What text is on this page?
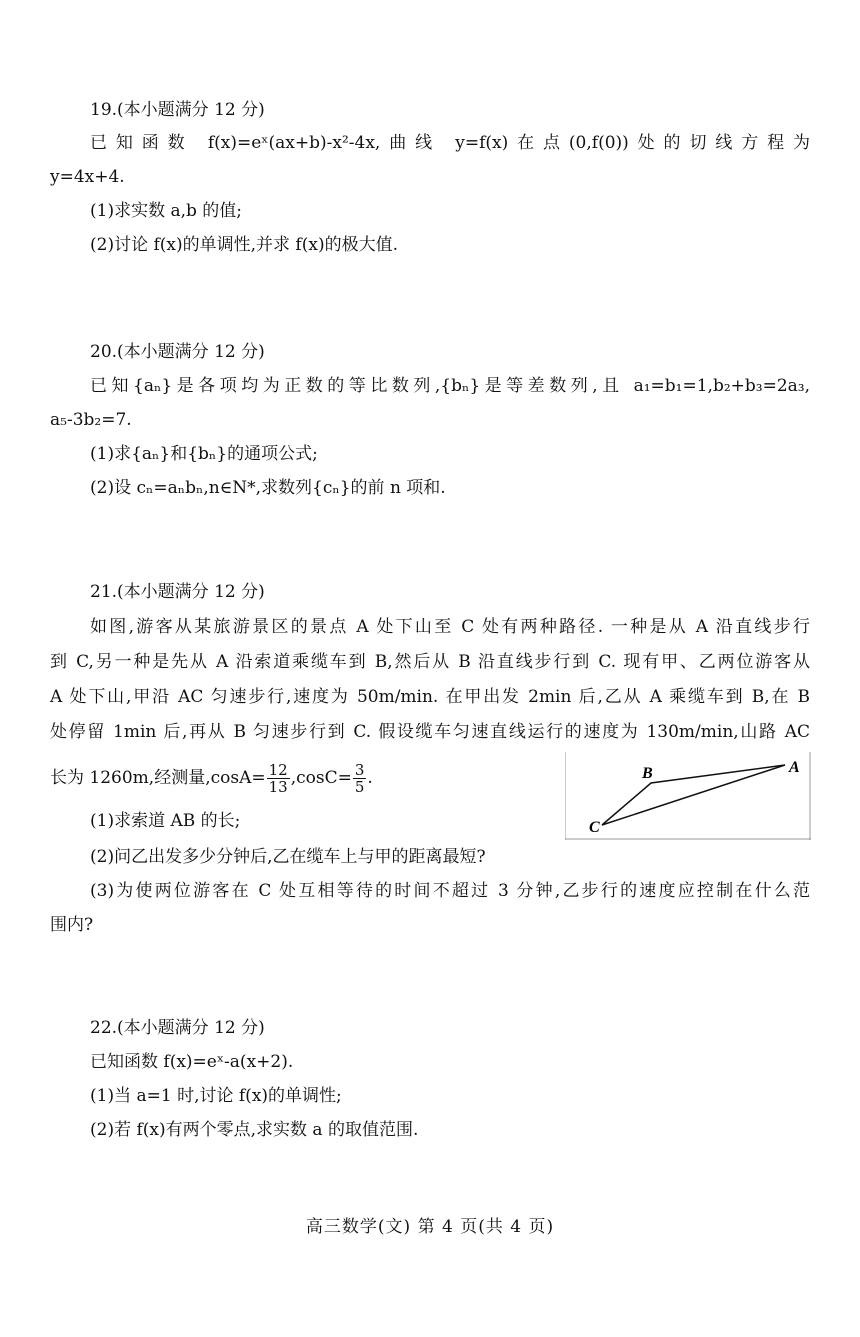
19.(本小题满分 12 分)
已知函数 f(x)=eˣ(ax+b)-x²-4x,曲线 y=f(x)在点(0,f(0))处的切线方程为
y=4x+4.
(1)求实数 a,b 的值;
(2)讨论 f(x)的单调性,并求 f(x)的极大值.
20.(本小题满分 12 分)
已知{aₙ}是各项均为正数的等比数列,{bₙ}是等差数列,且 a₁=b₁=1,b₂+b₃=2a₃,
a₅-3b₂=7.
(1)求{aₙ}和{bₙ}的通项公式;
(2)设 cₙ=aₙbₙ,n∈N*,求数列{cₙ}的前 n 项和.
21.(本小题满分 12 分)
如图,游客从某旅游景区的景点 A 处下山至 C 处有两种路径. 一种是从 A 沿直线步行
到 C,另一种是先从 A 沿索道乘缆车到 B,然后从 B 沿直线步行到 C. 现有甲、乙两位游客从
A 处下山,甲沿 AC 匀速步行,速度为 50m/min. 在甲出发 2min 后,乙从 A 乘缆车到 B,在 B
处停留 1min 后,再从 B 匀速步行到 C. 假设缆车匀速直线运行的速度为 130m/min,山路 AC
长为 1260m,经测量$,\cos A= \frac{12}{13} ,\cos C= \frac{3}{5}$ .
A
B
C
(1)求索道 AB 的长;
(2)问乙出发多少分钟后,乙在缆车上与甲的距离最短?
(3)为使两位游客在 C 处互相等待的时间不超过 3 分钟,乙步行的速度应控制在什么范
围内?
22.(本小题满分 12 分)
已知函数 f(x)=eˣ-a(x+2).
(1)当 a=1 时,讨论 f(x)的单调性;
(2)若 f(x)有两个零点,求实数 a 的取值范围.
高三数学(文) 第 4 页(共 4 页)
